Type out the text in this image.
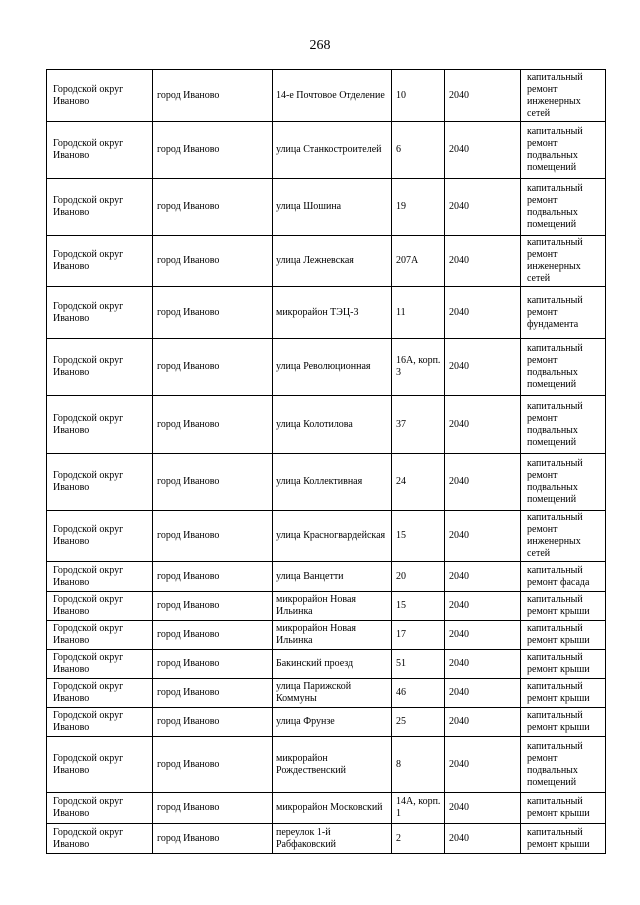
268
Городской округ Иваново	город Иваново	14-е Почтовое Отделение	10	2040	капитальный ремонт инженерных сетей
Городской округ Иваново	город Иваново	улица Станкостроителей	6	2040	капитальный ремонт подвальных помещений
Городской округ Иваново	город Иваново	улица Шошина	19	2040	капитальный ремонт подвальных помещений
Городской округ Иваново	город Иваново	улица Лежневская	207А	2040	капитальный ремонт инженерных сетей
Городской округ Иваново	город Иваново	микрорайон ТЭЦ-3	11	2040	капитальный ремонт фундамента
Городской округ Иваново	город Иваново	улица Революционная	16А, корп. 3	2040	капитальный ремонт подвальных помещений
Городской округ Иваново	город Иваново	улица Колотилова	37	2040	капитальный ремонт подвальных помещений
Городской округ Иваново	город Иваново	улица Коллективная	24	2040	капитальный ремонт подвальных помещений
Городской округ Иваново	город Иваново	улица Красногвардейская	15	2040	капитальный ремонт инженерных сетей
Городской округ Иваново	город Иваново	улица Ванцетти	20	2040	капитальный ремонт фасада
Городской округ Иваново	город Иваново	микрорайон Новая Ильинка	15	2040	капитальный ремонт крыши
Городской округ Иваново	город Иваново	микрорайон Новая Ильинка	17	2040	капитальный ремонт крыши
Городской округ Иваново	город Иваново	Бакинский проезд	51	2040	капитальный ремонт крыши
Городской округ Иваново	город Иваново	улица Парижской Коммуны	46	2040	капитальный ремонт крыши
Городской округ Иваново	город Иваново	улица Фрунзе	25	2040	капитальный ремонт крыши
Городской округ Иваново	город Иваново	микрорайон Рождественский	8	2040	капитальный ремонт подвальных помещений
Городской округ Иваново	город Иваново	микрорайон Московский	14А, корп. 1	2040	капитальный ремонт крыши
Городской округ Иваново	город Иваново	переулок 1-й Рабфаковский	2	2040	капитальный ремонт крыши
